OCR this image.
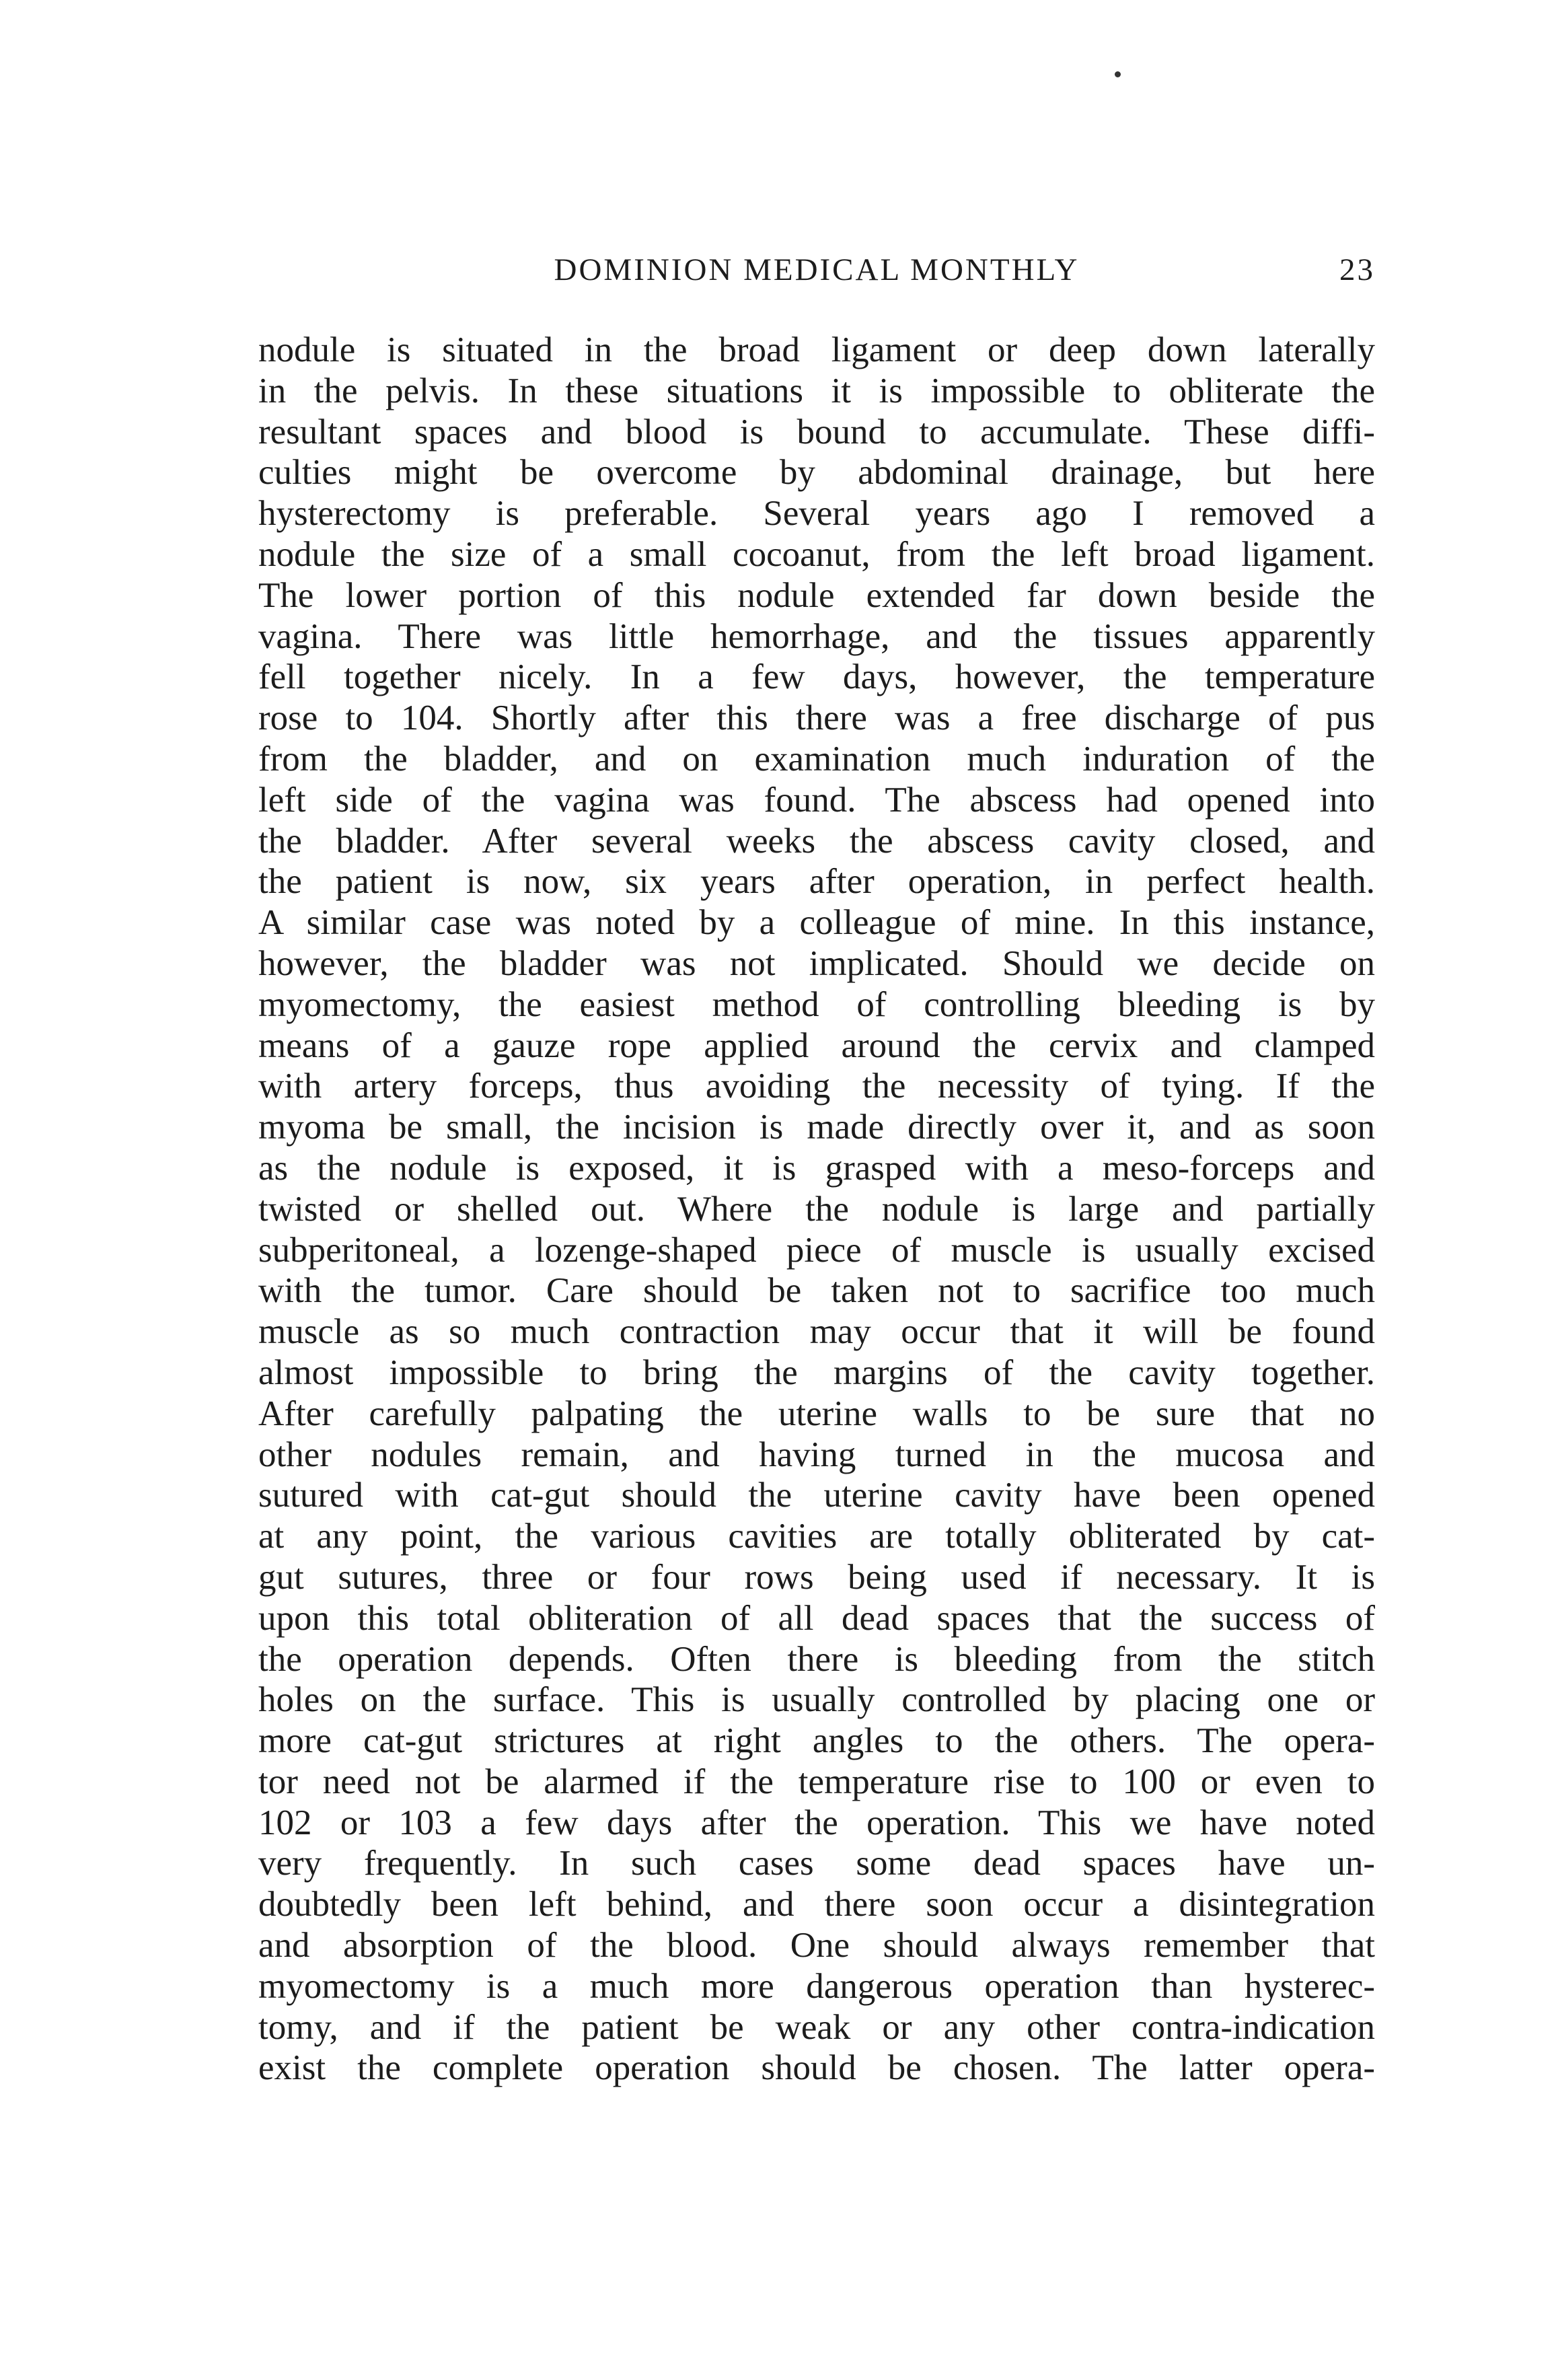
DOMINION MEDICAL MONTHLY	23
nodule is situated in the broad ligament or deep down laterally
in the pelvis. In these situations it is impossible to obliterate the
resultant spaces and blood is bound to accumulate. These diffi-
culties might be overcome by abdominal drainage, but here
hysterectomy is preferable. Several years ago I removed a
nodule the size of a small cocoanut, from the left broad ligament.
The lower portion of this nodule extended far down beside the
vagina. There was little hemorrhage, and the tissues apparently
fell together nicely. In a few days, however, the temperature
rose to 104. Shortly after this there was a free discharge of pus
from the bladder, and on examination much induration of the
left side of the vagina was found. The abscess had opened into
the bladder. After several weeks the abscess cavity closed, and
the patient is now, six years after operation, in perfect health.
A similar case was noted by a colleague of mine. In this instance,
however, the bladder was not implicated. Should we decide on
myomectomy, the easiest method of controlling bleeding is by
means of a gauze rope applied around the cervix and clamped
with artery forceps, thus avoiding the necessity of tying. If the
myoma be small, the incision is made directly over it, and as soon
as the nodule is exposed, it is grasped with a meso-forceps and
twisted or shelled out. Where the nodule is large and partially
subperitoneal, a lozenge-shaped piece of muscle is usually excised
with the tumor. Care should be taken not to sacrifice too much
muscle as so much contraction may occur that it will be found
almost impossible to bring the margins of the cavity together.
After carefully palpating the uterine walls to be sure that no
other nodules remain, and having turned in the mucosa and
sutured with cat-gut should the uterine cavity have been opened
at any point, the various cavities are totally obliterated by cat-
gut sutures, three or four rows being used if necessary. It is
upon this total obliteration of all dead spaces that the success of
the operation depends. Often there is bleeding from the stitch
holes on the surface. This is usually controlled by placing one or
more cat-gut strictures at right angles to the others. The opera-
tor need not be alarmed if the temperature rise to 100 or even to
102 or 103 a few days after the operation. This we have noted
very frequently. In such cases some dead spaces have un-
doubtedly been left behind, and there soon occur a disintegration
and absorption of the blood. One should always remember that
myomectomy is a much more dangerous operation than hysterec-
tomy, and if the patient be weak or any other contra-indication
exist the complete operation should be chosen. The latter opera-
